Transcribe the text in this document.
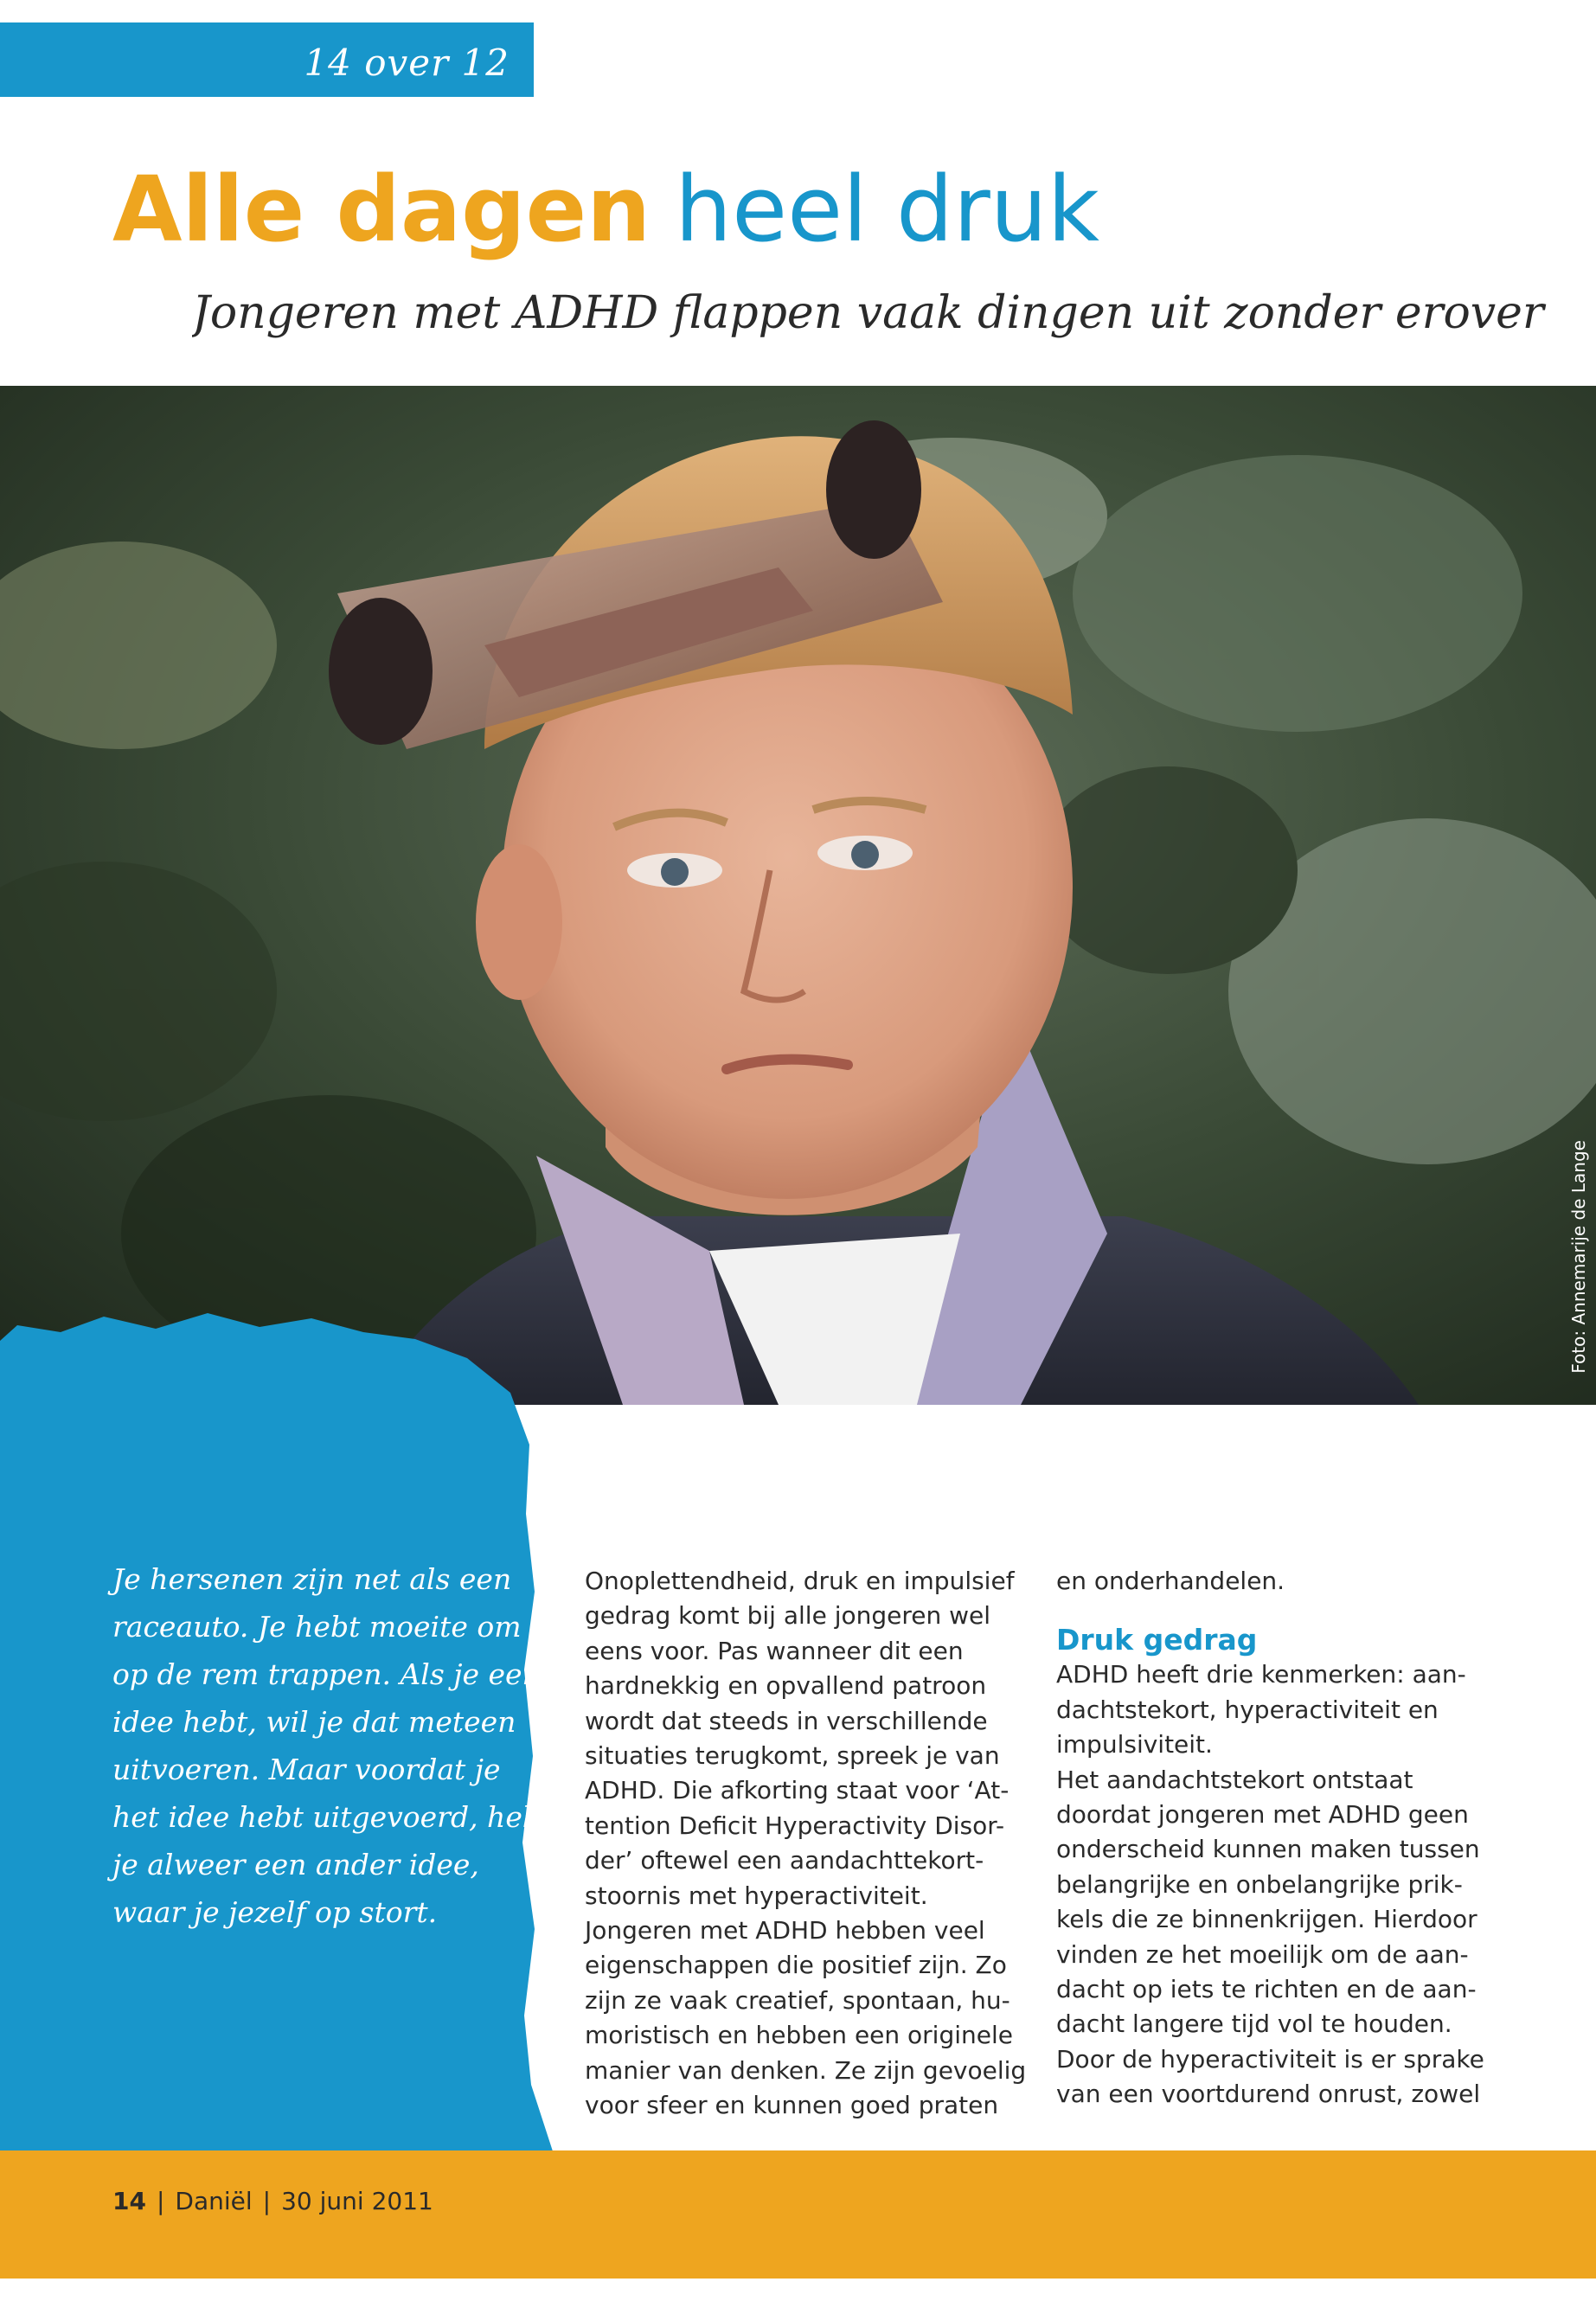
14 over 12
Alle dagen heel druk
Jongeren met ADHD flappen vaak dingen uit zonder erover
Foto: Annemarije de Lange

Je hersenen zijn net als een

raceauto. Je hebt moeite om

op de rem trappen. Als je een

idee hebt, wil je dat meteen

uitvoeren. Maar voordat je

het idee hebt uitgevoerd, heb

je alweer een ander idee,

waar je jezelf op stort.

Onoplettendheid, druk en impulsief

gedrag komt bij alle jongeren wel

eens voor. Pas wanneer dit een

hardnekkig en opvallend patroon

wordt dat steeds in verschillende

situaties terugkomt, spreek je van

ADHD. Die afkorting staat voor ‘At-

tention Deficit Hyperactivity Disor-

der’ oftewel een aandachttekort-

stoornis met hyperactiviteit.

Jongeren met ADHD hebben veel

eigenschappen die positief zijn. Zo

zijn ze vaak creatief, spontaan, hu-

moristisch en hebben een originele

manier van denken. Ze zijn gevoelig

voor sfeer en kunnen goed praten

en onderhandelen.

Druk gedrag

ADHD heeft drie kenmerken: aan-

dachtstekort, hyperactiviteit en

impulsiviteit.

Het aandachtstekort ontstaat

doordat jongeren met ADHD geen

onderscheid kunnen maken tussen

belangrijke en onbelangrijke prik-

kels die ze binnenkrijgen. Hierdoor

vinden ze het moeilijk om de aan-

dacht op iets te richten en de aan-

dacht langere tijd vol te houden.

Door de hyperactiviteit is er sprake

van een voortdurend onrust, zowel

14 | Daniël | 30 juni 2011
